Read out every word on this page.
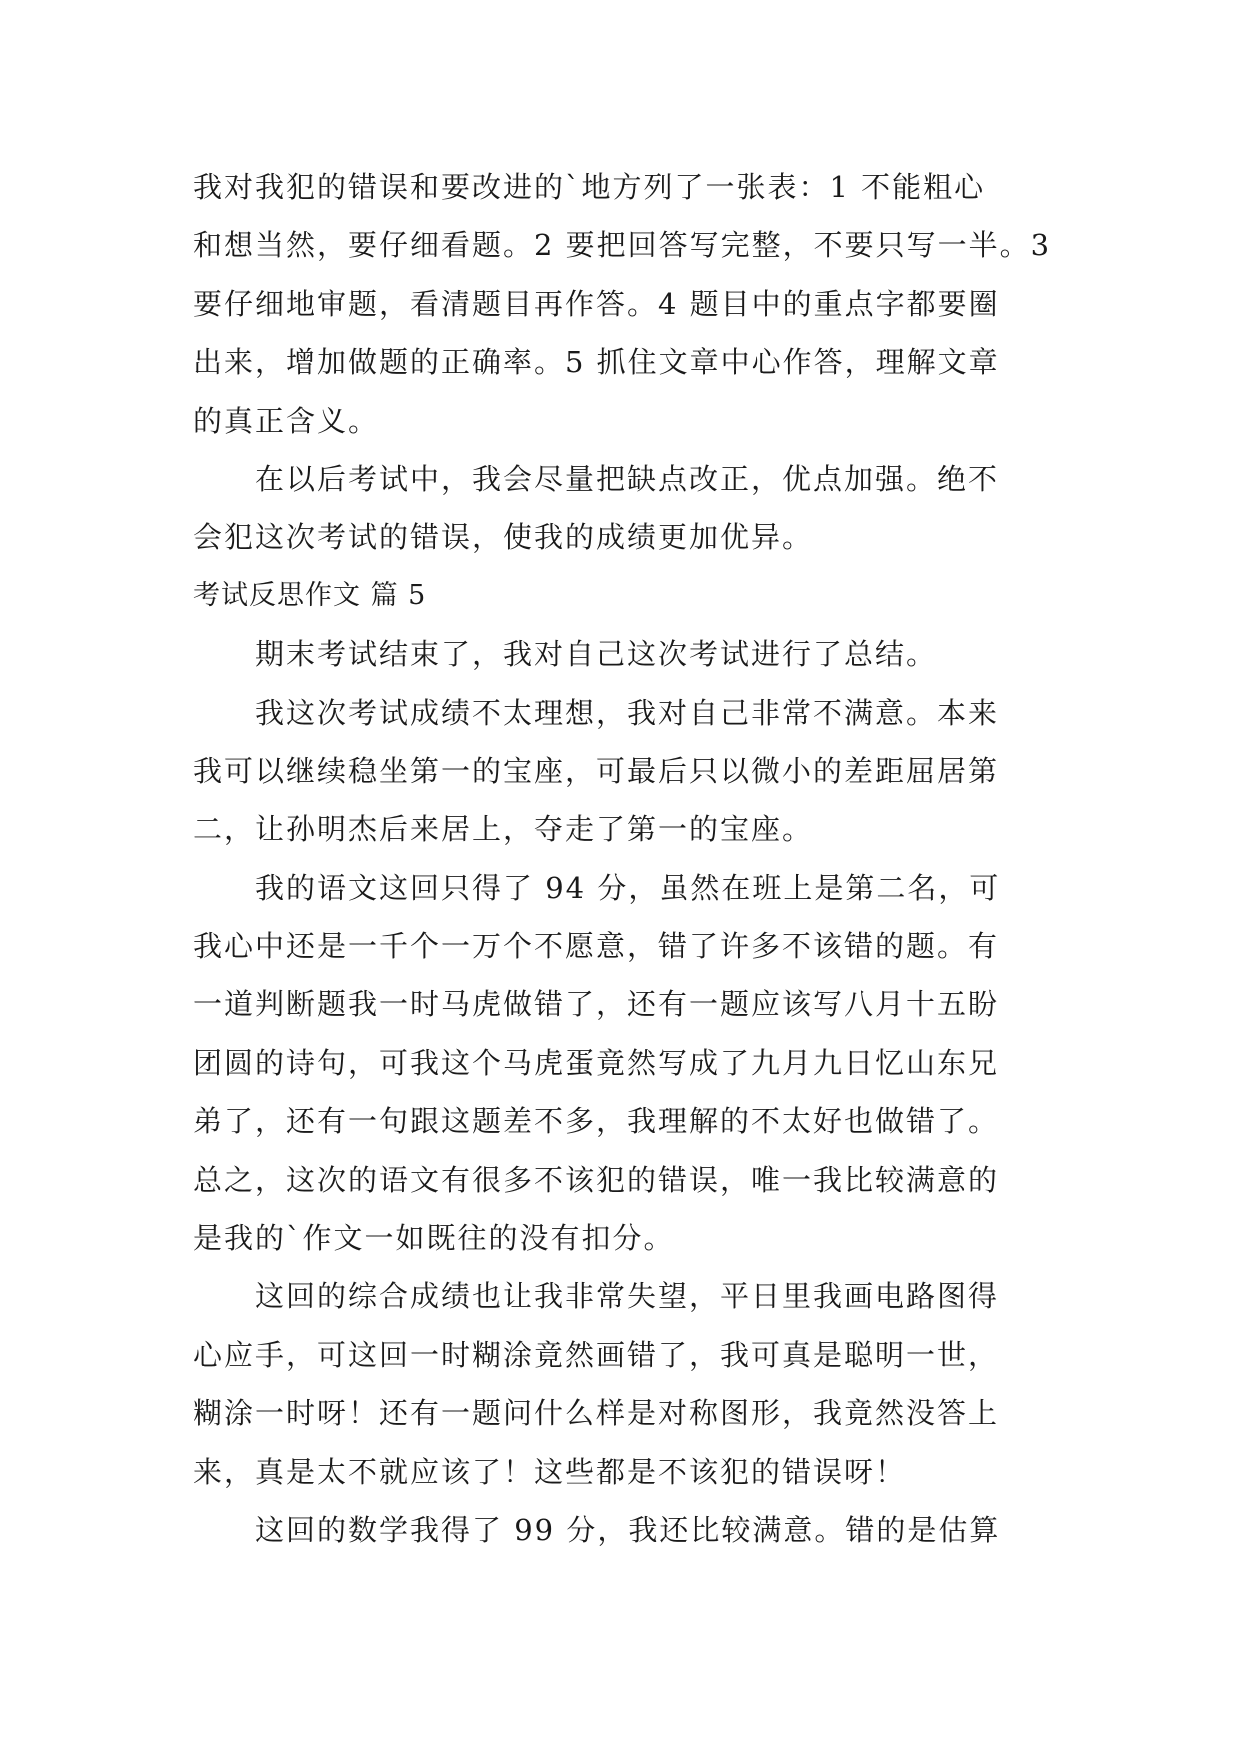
我对我犯的错误和要改进的`地方列了一张表：1 不能粗心
和想当然，要仔细看题。2 要把回答写完整，不要只写一半。3
要仔细地审题，看清题目再作答。4 题目中的重点字都要圈
出来，增加做题的正确率。5 抓住文章中心作答，理解文章
的真正含义。
　　在以后考试中，我会尽量把缺点改正，优点加强。绝不
会犯这次考试的错误，使我的成绩更加优异。
考试反思作文 篇 5
　　期末考试结束了，我对自己这次考试进行了总结。
　　我这次考试成绩不太理想，我对自己非常不满意。本来
我可以继续稳坐第一的宝座，可最后只以微小的差距屈居第
二，让孙明杰后来居上，夺走了第一的宝座。
　　我的语文这回只得了 94 分，虽然在班上是第二名，可
我心中还是一千个一万个不愿意，错了许多不该错的题。有
一道判断题我一时马虎做错了，还有一题应该写八月十五盼
团圆的诗句，可我这个马虎蛋竟然写成了九月九日忆山东兄
弟了，还有一句跟这题差不多，我理解的不太好也做错了。
总之，这次的语文有很多不该犯的错误，唯一我比较满意的
是我的`作文一如既往的没有扣分。
　　这回的综合成绩也让我非常失望，平日里我画电路图得
心应手，可这回一时糊涂竟然画错了，我可真是聪明一世，
糊涂一时呀！还有一题问什么样是对称图形，我竟然没答上
来，真是太不就应该了！这些都是不该犯的错误呀！
　　这回的数学我得了 99 分，我还比较满意。错的是估算
